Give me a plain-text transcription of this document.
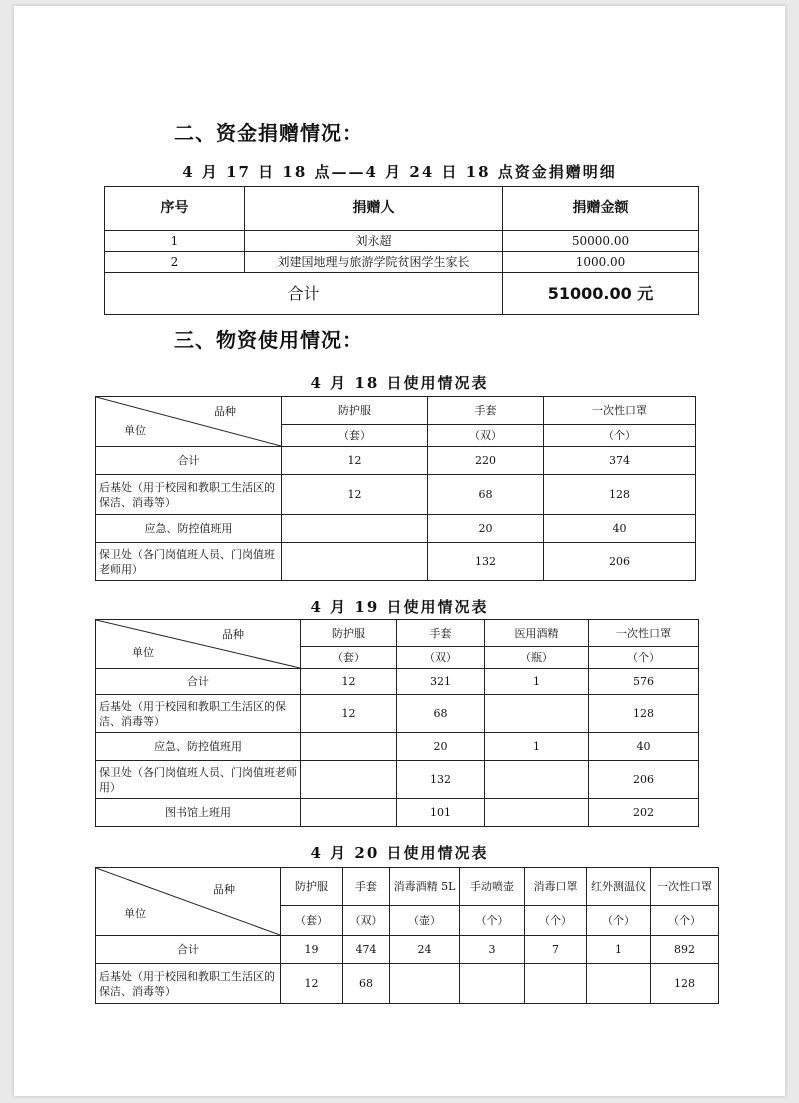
二、资金捐赠情况：
4 月 17 日 18 点——4 月 24 日 18 点资金捐赠明细
序号	捐赠人	捐赠金额
1	刘永超	50000.00
2	刘建国地理与旅游学院贫困学生家长	1000.00
合计		51000.00 元
三、物资使用情况：
4 月 18 日使用情况表
品种
单位	防护服	手套	一次性口罩
	（套）	（双）	（个）
合计	12	220	374
后基处（用于校园和教职工生活区的保洁、消毒等）	12	68	128
应急、防控值班用		20	40
保卫处（各门岗值班人员、门岗值班老师用）		132	206
4 月 19 日使用情况表
品种
单位	防护服	手套	医用酒精	一次性口罩
	（套）	（双）	（瓶）	（个）
合计	12	321	1	576
后基处（用于校园和教职工生活区的保洁、消毒等）	12	68		128
应急、防控值班用		20	1	40
保卫处（各门岗值班人员、门岗值班老师用）		132		206
图书馆上班用		101		202
4 月 20 日使用情况表
品种
单位	防护服	手套	消毒酒精 5L	手动喷壶	消毒口罩	红外测温仪	一次性口罩
	（套）	（双）	（壶）	（个）	（个）	（个）	（个）
合计	19	474	24	3	7	1	892
后基处（用于校园和教职工生活区的保洁、消毒等）	12	68					128
